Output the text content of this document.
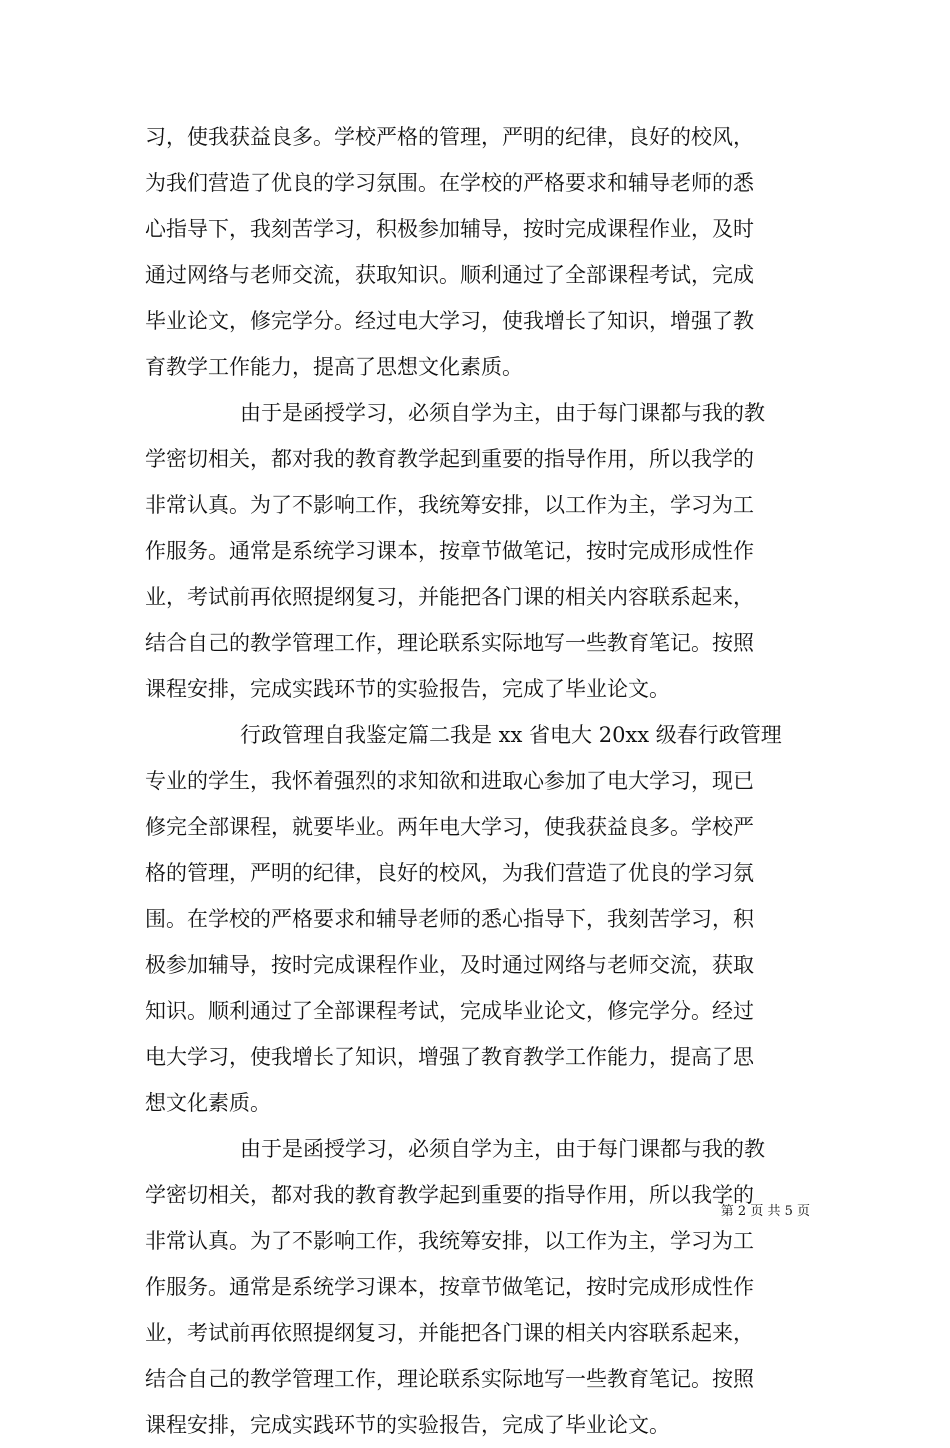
习，使我获益良多。学校严格的管理，严明的纪律，良好的校风，
为我们营造了优良的学习氛围。在学校的严格要求和辅导老师的悉
心指导下，我刻苦学习，积极参加辅导，按时完成课程作业，及时
通过网络与老师交流，获取知识。顺利通过了全部课程考试，完成
毕业论文，修完学分。经过电大学习，使我增长了知识，增强了教
育教学工作能力，提高了思想文化素质。
由于是函授学习，必须自学为主，由于每门课都与我的教
学密切相关，都对我的教育教学起到重要的指导作用，所以我学的
非常认真。为了不影响工作，我统筹安排，以工作为主，学习为工
作服务。通常是系统学习课本，按章节做笔记，按时完成形成性作
业，考试前再依照提纲复习，并能把各门课的相关内容联系起来，
结合自己的教学管理工作，理论联系实际地写一些教育笔记。按照
课程安排，完成实践环节的实验报告，完成了毕业论文。
行政管理自我鉴定篇二我是 xx 省电大 20xx 级春行政管理
专业的学生，我怀着强烈的求知欲和进取心参加了电大学习，现已
修完全部课程，就要毕业。两年电大学习，使我获益良多。学校严
格的管理，严明的纪律，良好的校风，为我们营造了优良的学习氛
围。在学校的严格要求和辅导老师的悉心指导下，我刻苦学习，积
极参加辅导，按时完成课程作业，及时通过网络与老师交流，获取
知识。顺利通过了全部课程考试，完成毕业论文，修完学分。经过
电大学习，使我增长了知识，增强了教育教学工作能力，提高了思
想文化素质。
由于是函授学习，必须自学为主，由于每门课都与我的教
学密切相关，都对我的教育教学起到重要的指导作用，所以我学的
非常认真。为了不影响工作，我统筹安排，以工作为主，学习为工
作服务。通常是系统学习课本，按章节做笔记，按时完成形成性作
业，考试前再依照提纲复习，并能把各门课的相关内容联系起来，
结合自己的教学管理工作，理论联系实际地写一些教育笔记。按照
课程安排，完成实践环节的实验报告，完成了毕业论文。
第 2 页 共 5 页
